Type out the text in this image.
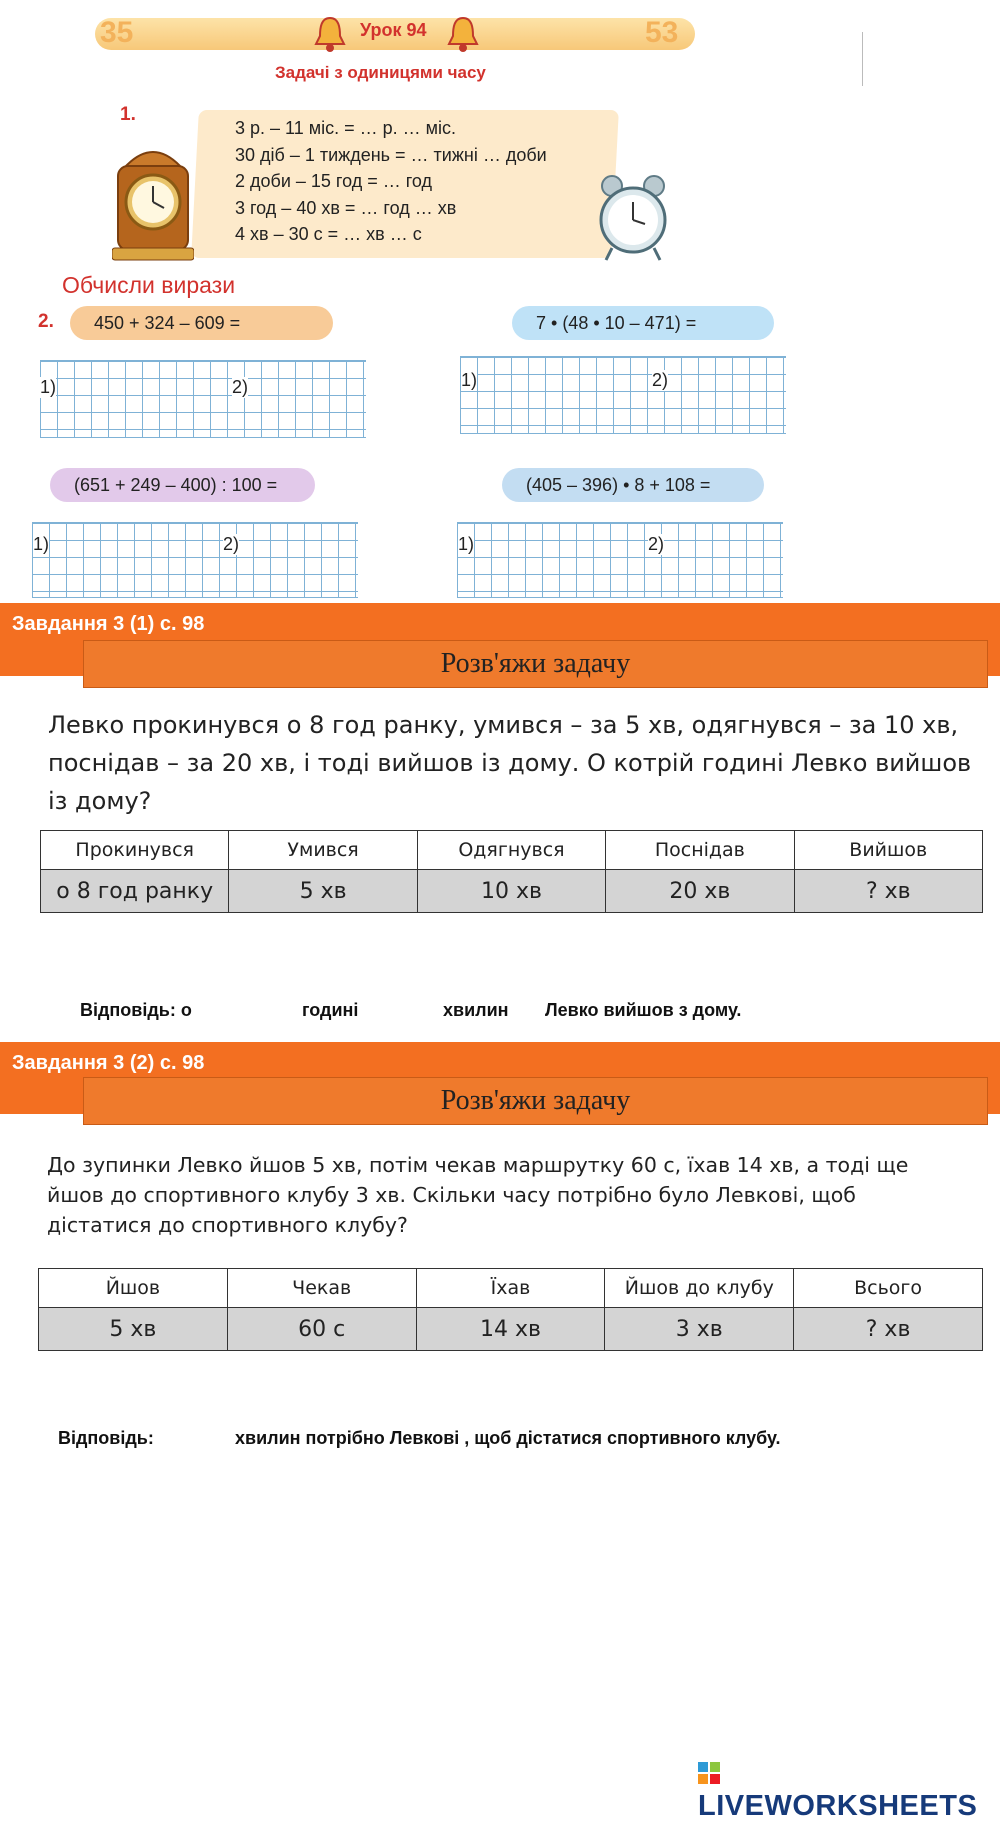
35	53
Урок 94
Задачі з одиницями часу
1.
3 р. – 11 міс. = … р. … міс.
30 діб – 1 тиждень = … тижні … доби
2 доби – 15 год = … год
3 год – 40 хв = … год … хв
4 хв – 30 с = … хв … с
Обчисли вирази
2.	450 + 324 – 609 =	7 • (48 • 10 – 471) =
1)	2)	1)	2)
(651 + 249 – 400) : 100 =	(405 – 396) • 8 + 108 =
1)	2)	1)	2)
Завдання 3 (1) с. 98
Розв'яжи задачу
Левко прокинувся о 8 год ранку, умився – за 5 хв, одягнувся – за 10 хв, поснідав – за 20 хв, і тоді вийшов із дому. О котрій годині Левко вийшов із дому?
Прокинувся	Умився	Одягнувся	Поснідав	Вийшов
о 8 год ранку	5 хв	10 хв	20 хв	? хв
Відповідь: о	годині	хвилин Левко вийшов з дому.
Завдання 3 (2) с. 98
Розв'яжи задачу
До зупинки Левко йшов 5 хв, потім чекав маршрутку 60 с, їхав 14 хв, а тоді ще йшов до спортивного клубу 3 хв. Скільки часу потрібно було Левкові, щоб дістатися до спортивного клубу?
Йшов	Чекав	Їхав	Йшов до клубу	Всього
5 хв	60 с	14 хв	3 хв	? хв
Відповідь:	хвилин потрібно Левкові , щоб дістатися спортивного клубу.
LIVEWORKSHEETS
